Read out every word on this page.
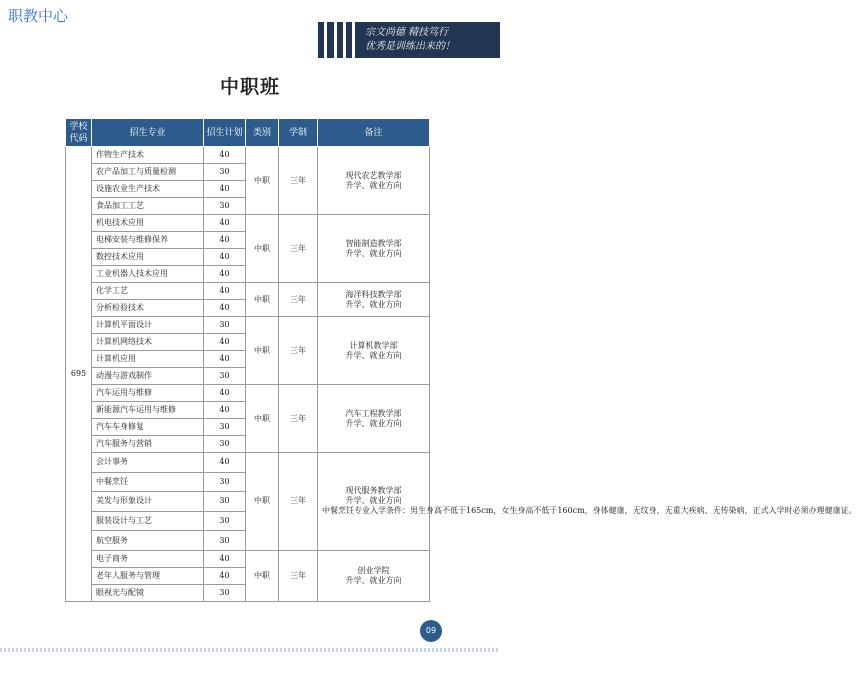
职教中心
宗文尚德 精技笃行
优秀是训练出来的！
中职班
学校代码	招生专业	招生计划	类别	学制	备注
695	作物生产技术	40	中职	三年	现代农艺教学部
升学、就业方向

	农产品加工与质量检测	30			
	设施农业生产技术	40			
	食品加工工艺	30			
	机电技术应用	40	中职	三年	智能制造教学部
升学、就业方向

	电梯安装与维修保养	40			
	数控技术应用	40			
	工业机器人技术应用	40			
	化学工艺	40	中职	三年	海洋科技教学部
升学、就业方向

	分析检验技术	40			
	计算机平面设计	30	中职	三年	计算机教学部
升学、就业方向

	计算机网络技术	40			
	计算机应用	40			
	动漫与游戏制作	30			
	汽车运用与维修	40	中职	三年	汽车工程教学部
升学、就业方向

	新能源汽车运用与维修	40			
	汽车车身修复	30			
	汽车服务与营销	30			
	会计事务	40	中职	三年	现代服务教学部
升学、就业方向
中餐烹饪专业入学条件：男生身高不低于165cm，女生身高不低于160cm，身体健康，无纹身，无重大疾病、无传染病，正式入学时必须办理健康证。

	中餐烹饪	30			
	美发与形象设计	30			
	服装设计与工艺	30			
	航空服务	30			
	电子商务	40	中职	三年	创业学院
升学、就业方向

	老年人服务与管理	40			
	眼视光与配镜	30			
09
